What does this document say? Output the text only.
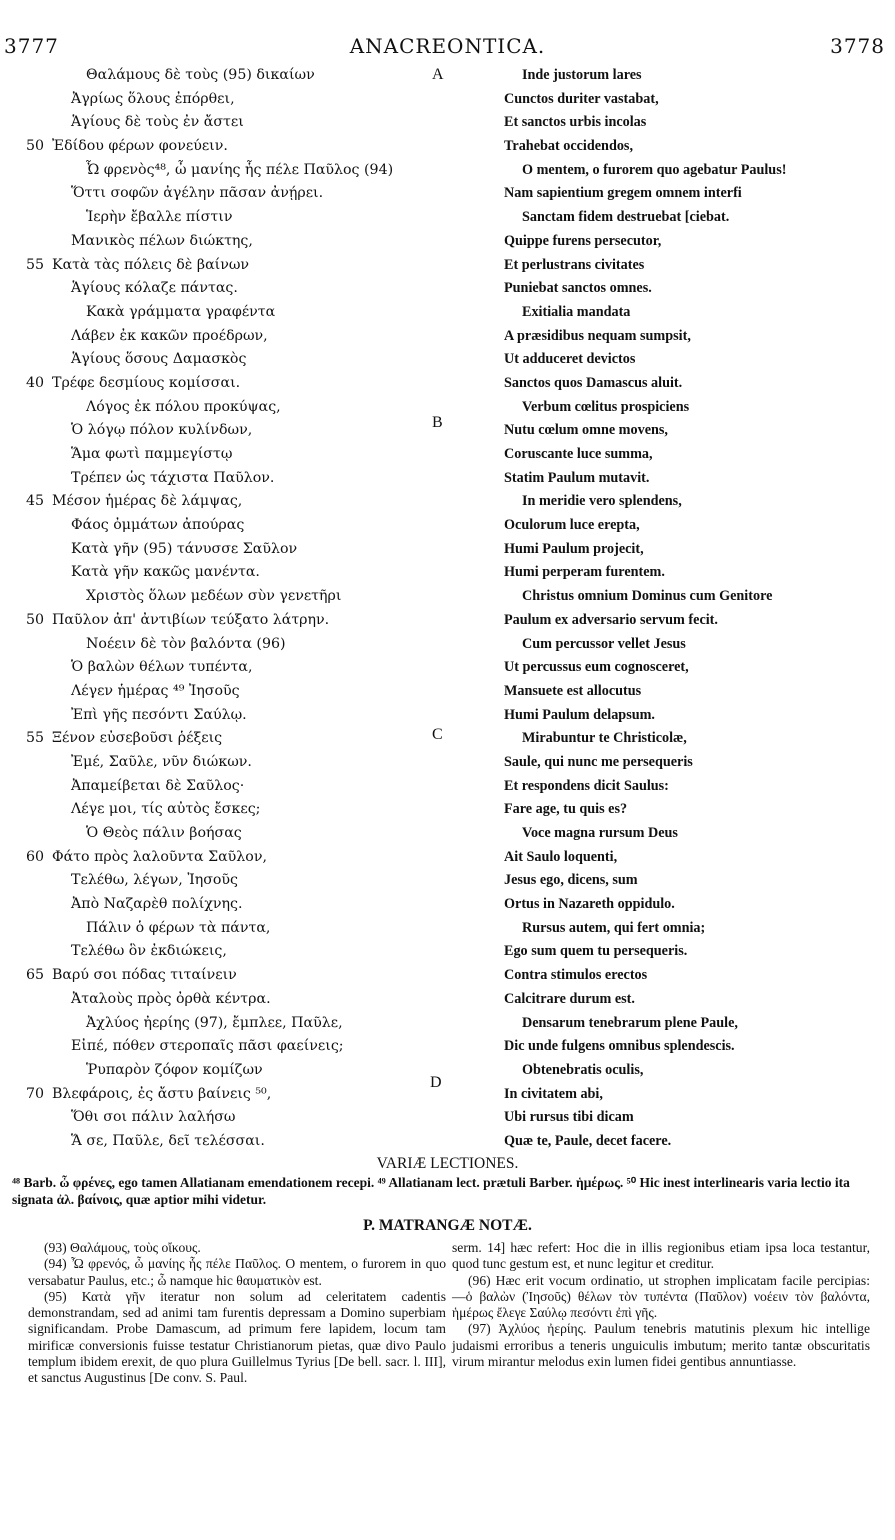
3777	ANACREONTICA.	3778
Θαλάμους δὲ τοὺς (95) δικαίων
Ἀγρίως ὅλους ἐπόρθει,
Ἁγίους δὲ τοὺς ἐν ἄστει
50 Ἐδίδου φέρων φονεύειν.
Ὦ φρενὸς⁴⁸, ὦ μανίης ἧς πέλε Παῦλος (94)
Ὅττι σοφῶν ἀγέλην πᾶσαν ἀνῄρει.
Ἱερὴν ἔβαλλε πίστιν
Μανικὸς πέλων διώκτης,
55 Κατὰ τὰς πόλεις δὲ βαίνων
Ἁγίους κόλαζε πάντας.
Κακὰ γράμματα γραφέντα
Λάβεν ἐκ κακῶν προέδρων,
Ἁγίους ὅσους Δαμασκὸς
40 Τρέφε δεσμίους κομίσσαι.
Λόγος ἐκ πόλου προκύψας,
Ὁ λόγῳ πόλον κυλίνδων,
Ἅμα φωτὶ παμμεγίστῳ
Τρέπεν ὡς τάχιστα Παῦλον.
45 Μέσον ἡμέρας δὲ λάμψας,
Φάος ὀμμάτων ἀπούρας
Κατὰ γῆν (95) τάνυσσε Σαῦλον
Κατὰ γῆν κακῶς μανέντα.
Χριστὸς ὅλων μεδέων σὺν γενετῆρι
50 Παῦλον ἀπ' ἀντιβίων τεύξατο λάτρην.
Νοέειν δὲ τὸν βαλόντα (96)
Ὁ βαλὼν θέλων τυπέντα,
Λέγεν ἡμέρας ⁴⁹ Ἰησοῦς
Ἐπὶ γῆς πεσόντι Σαύλῳ.
55 Ξένον εὐσεβοῦσι ῥέξεις
Ἐμέ, Σαῦλε, νῦν διώκων.
Ἀπαμείβεται δὲ Σαῦλος·
Λέγε μοι, τίς αὐτὸς ἔσκες;
Ὁ Θεὸς πάλιν βοήσας
60 Φάτο πρὸς λαλοῦντα Σαῦλον,
Τελέθω, λέγων, Ἰησοῦς
Ἀπὸ Ναζαρὲθ πολίχνης.
Πάλιν ὁ φέρων τὰ πάντα,
Τελέθω ὃν ἐκδιώκεις,
65 Βαρύ σοι πόδας τιταίνειν
Ἀταλοὺς πρὸς ὀρθὰ κέντρα.
Ἀχλύος ἠερίης (97), ἔμπλεε, Παῦλε,
Εἰπέ, πόθεν στεροπαῖς πᾶσι φαείνεις;
Ῥυπαρὸν ζόφον κομίζων
70 Βλεφάροις, ἐς ἄστυ βαίνεις ⁵⁰,
Ὅθι σοι πάλιν λαλήσω
Ἅ σε, Παῦλε, δεῖ τελέσσαι.
Inde justorum lares
Cunctos duriter vastabat,
Et sanctos urbis incolas
Trahebat occidendos,
O mentem, o furorem quo agebatur Paulus!
Nam sapientium gregem omnem interfi
Sanctam fidem destruebat [ciebat.
Quippe furens persecutor,
Et perlustrans civitates
Puniebat sanctos omnes.
Exitialia mandata
A præsidibus nequam sumpsit,
Ut adduceret devictos
Sanctos quos Damascus aluit.
Verbum cœlitus prospiciens
Nutu cœlum omne movens,
Coruscante luce summa,
Statim Paulum mutavit.
In meridie vero splendens,
Oculorum luce erepta,
Humi Paulum projecit,
Humi perperam furentem.
Christus omnium Dominus cum Genitore
Paulum ex adversario servum fecit.
Cum percussor vellet Jesus
Ut percussus eum cognosceret,
Mansuete est allocutus
Humi Paulum delapsum.
Mirabuntur te Christicolæ,
Saule, qui nunc me persequeris
Et respondens dicit Saulus:
Fare age, tu quis es?
Voce magna rursum Deus
Ait Saulo loquenti,
Jesus ego, dicens, sum
Ortus in Nazareth oppidulo.
Rursus autem, qui fert omnia;
Ego sum quem tu persequeris.
Contra stimulos erectos
Calcitrare durum est.
Densarum tenebrarum plene Paule,
Dic unde fulgens omnibus splendescis.
Obtenebratis oculis,
In civitatem abi,
Ubi rursus tibi dicam
Quæ te, Paule, decet facere.
A
B
C
D
VARIÆ LECTIONES.
⁴⁸ Barb. ὦ φρένες, ego tamen Allatianam emendationem recepi. ⁴⁹ Allatianam lect. prætuli Barber. ἡμέρως. ⁵⁰ Hic inest interlinearis varia lectio ita signata ἀλ. βαίνοις, quæ aptior mihi videtur.
P. MATRANGÆ NOTÆ.

(93) Θαλάμους, τοὺς οἴκους.

(94) Ὦ φρενός, ὦ μανίης ἧς πέλε Παῦλος. O mentem, o furorem in quo versabatur Paulus, etc.; ὦ namque hic θαυματικὸν est.

(95) Κατὰ γῆν iteratur non solum ad celeritatem cadentis demonstrandam, sed ad animi tam furentis depressam a Domino superbiam significandam. Probe Damascum, ad primum fere lapidem, locum tam mirificæ conversionis fuisse testatur Christianorum pietas, quæ divo Paulo templum ibidem erexit, de quo plura Guillelmus Tyrius [De bell. sacr. l. III], et sanctus Augustinus [De conv. S. Paul.

serm. 14] hæc refert: Hoc die in illis regionibus etiam ipsa loca testantur, quod tunc gestum est, et nunc legitur et creditur.

(96) Hæc erit vocum ordinatio, ut strophen implicatam facile percipias: —ὁ βαλὼν (Ἰησοῦς) θέλων τὸν τυπέντα (Παῦλον) νοέειν τὸν βαλόντα, ἡμέρως ἔλεγε Σαύλῳ πεσόντι ἐπὶ γῆς.

(97) Ἀχλύος ἠερίης. Paulum tenebris matutinis plexum hic intellige judaismi erroribus a teneris unguiculis imbutum; merito tantæ obscuritatis virum mirantur melodus exin lumen fidei gentibus annuntiasse.
